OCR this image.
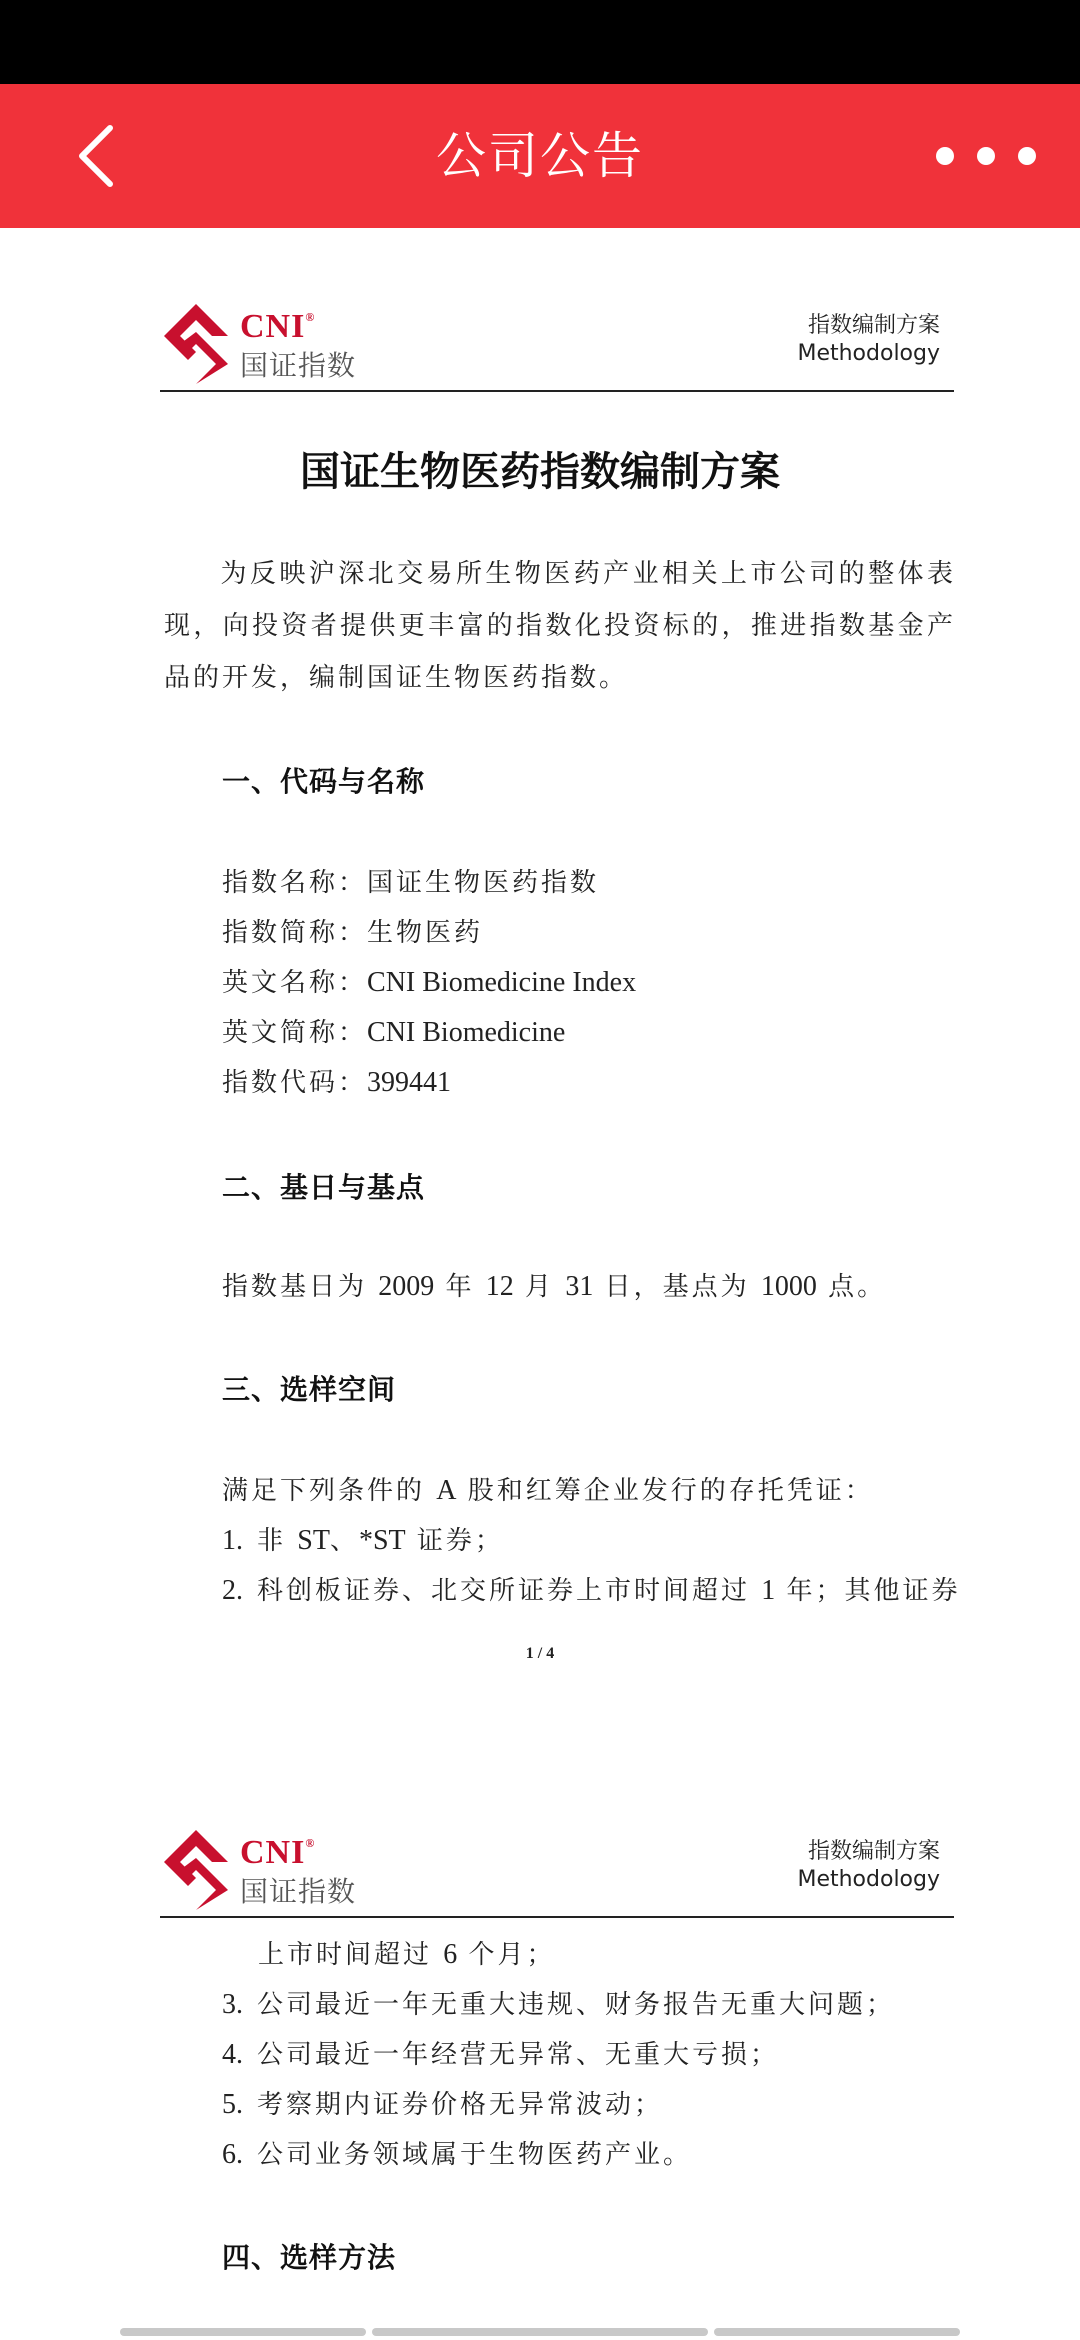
公司公告
CNI®
国证指数
指数编制方案
Methodology
国证生物医药指数编制方案
为反映沪深北交易所生物医药产业相关上市公司的整体表现，向投资者提供更丰富的指数化投资标的，推进指数基金产品的开发，编制国证生物医药指数。
一、代码与名称
指数名称：国证生物医药指数
指数简称：生物医药
英文名称：CNI Biomedicine Index
英文简称：CNI Biomedicine
指数代码：399441
二、基日与基点
指数基日为 2009 年 12 月 31 日，基点为 1000 点。
三、选样空间
满足下列条件的 A 股和红筹企业发行的存托凭证：
1. 非 ST、*ST 证券；
2. 科创板证券、北交所证券上市时间超过 1 年；其他证券
1 / 4
CNI®
国证指数
指数编制方案
Methodology
上市时间超过 6 个月；
3. 公司最近一年无重大违规、财务报告无重大问题；
4. 公司最近一年经营无异常、无重大亏损；
5. 考察期内证券价格无异常波动；
6. 公司业务领域属于生物医药产业。
四、选样方法
